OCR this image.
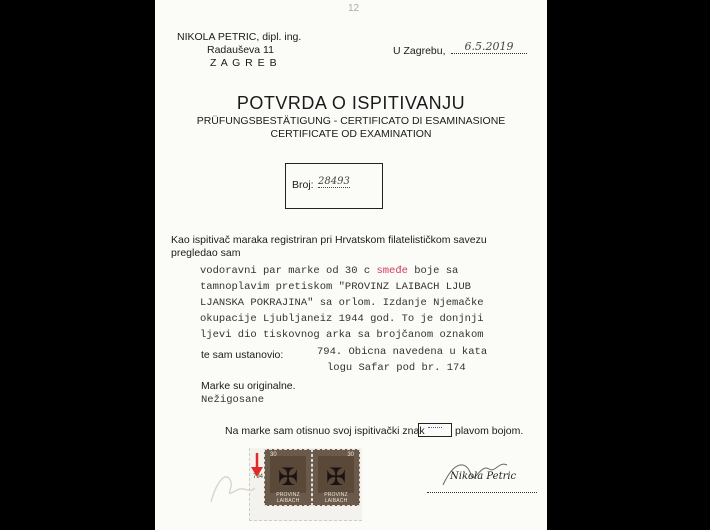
12
NIKOLA PETRIC, dipl. ing.
Radauševa 11
Z A G R E B
U Zagrebu,	6.5.2019
POTVRDA O ISPITIVANJU
PRÜFUNGSBESTÄTIGUNG - CERTIFICATO DI ESAMINASIONE
CERTIFICATE OD EXAMINATION
Broj: 28493
Kao ispitivač maraka registriran pri Hrvatskom filatelističkom savezu
pregledao sam
vodoravni par marke od 30 c smeđe boje sa
tamnoplavim pretiskom "PROVINZ LAIBACH LJUB
LJANSKA POKRAJINA" sa orlom. Izdanje Njemačke
okupacije Ljubljaneiz 1944 god. To je donjnji
ljevi dio tiskovnog arka sa brojčanom oznakom
te sam ustanovio:	794. Obicna navedena u kata
logu Safar pod br. 174
Marke su originalne.
Nežigosane
Na marke sam otisnuo svoj ispitivački znak	plavom bojom.
30
✠
PROVINZ LAIBACH
30
✠
PROVINZ LAIBACH
794	Nikola Petric
